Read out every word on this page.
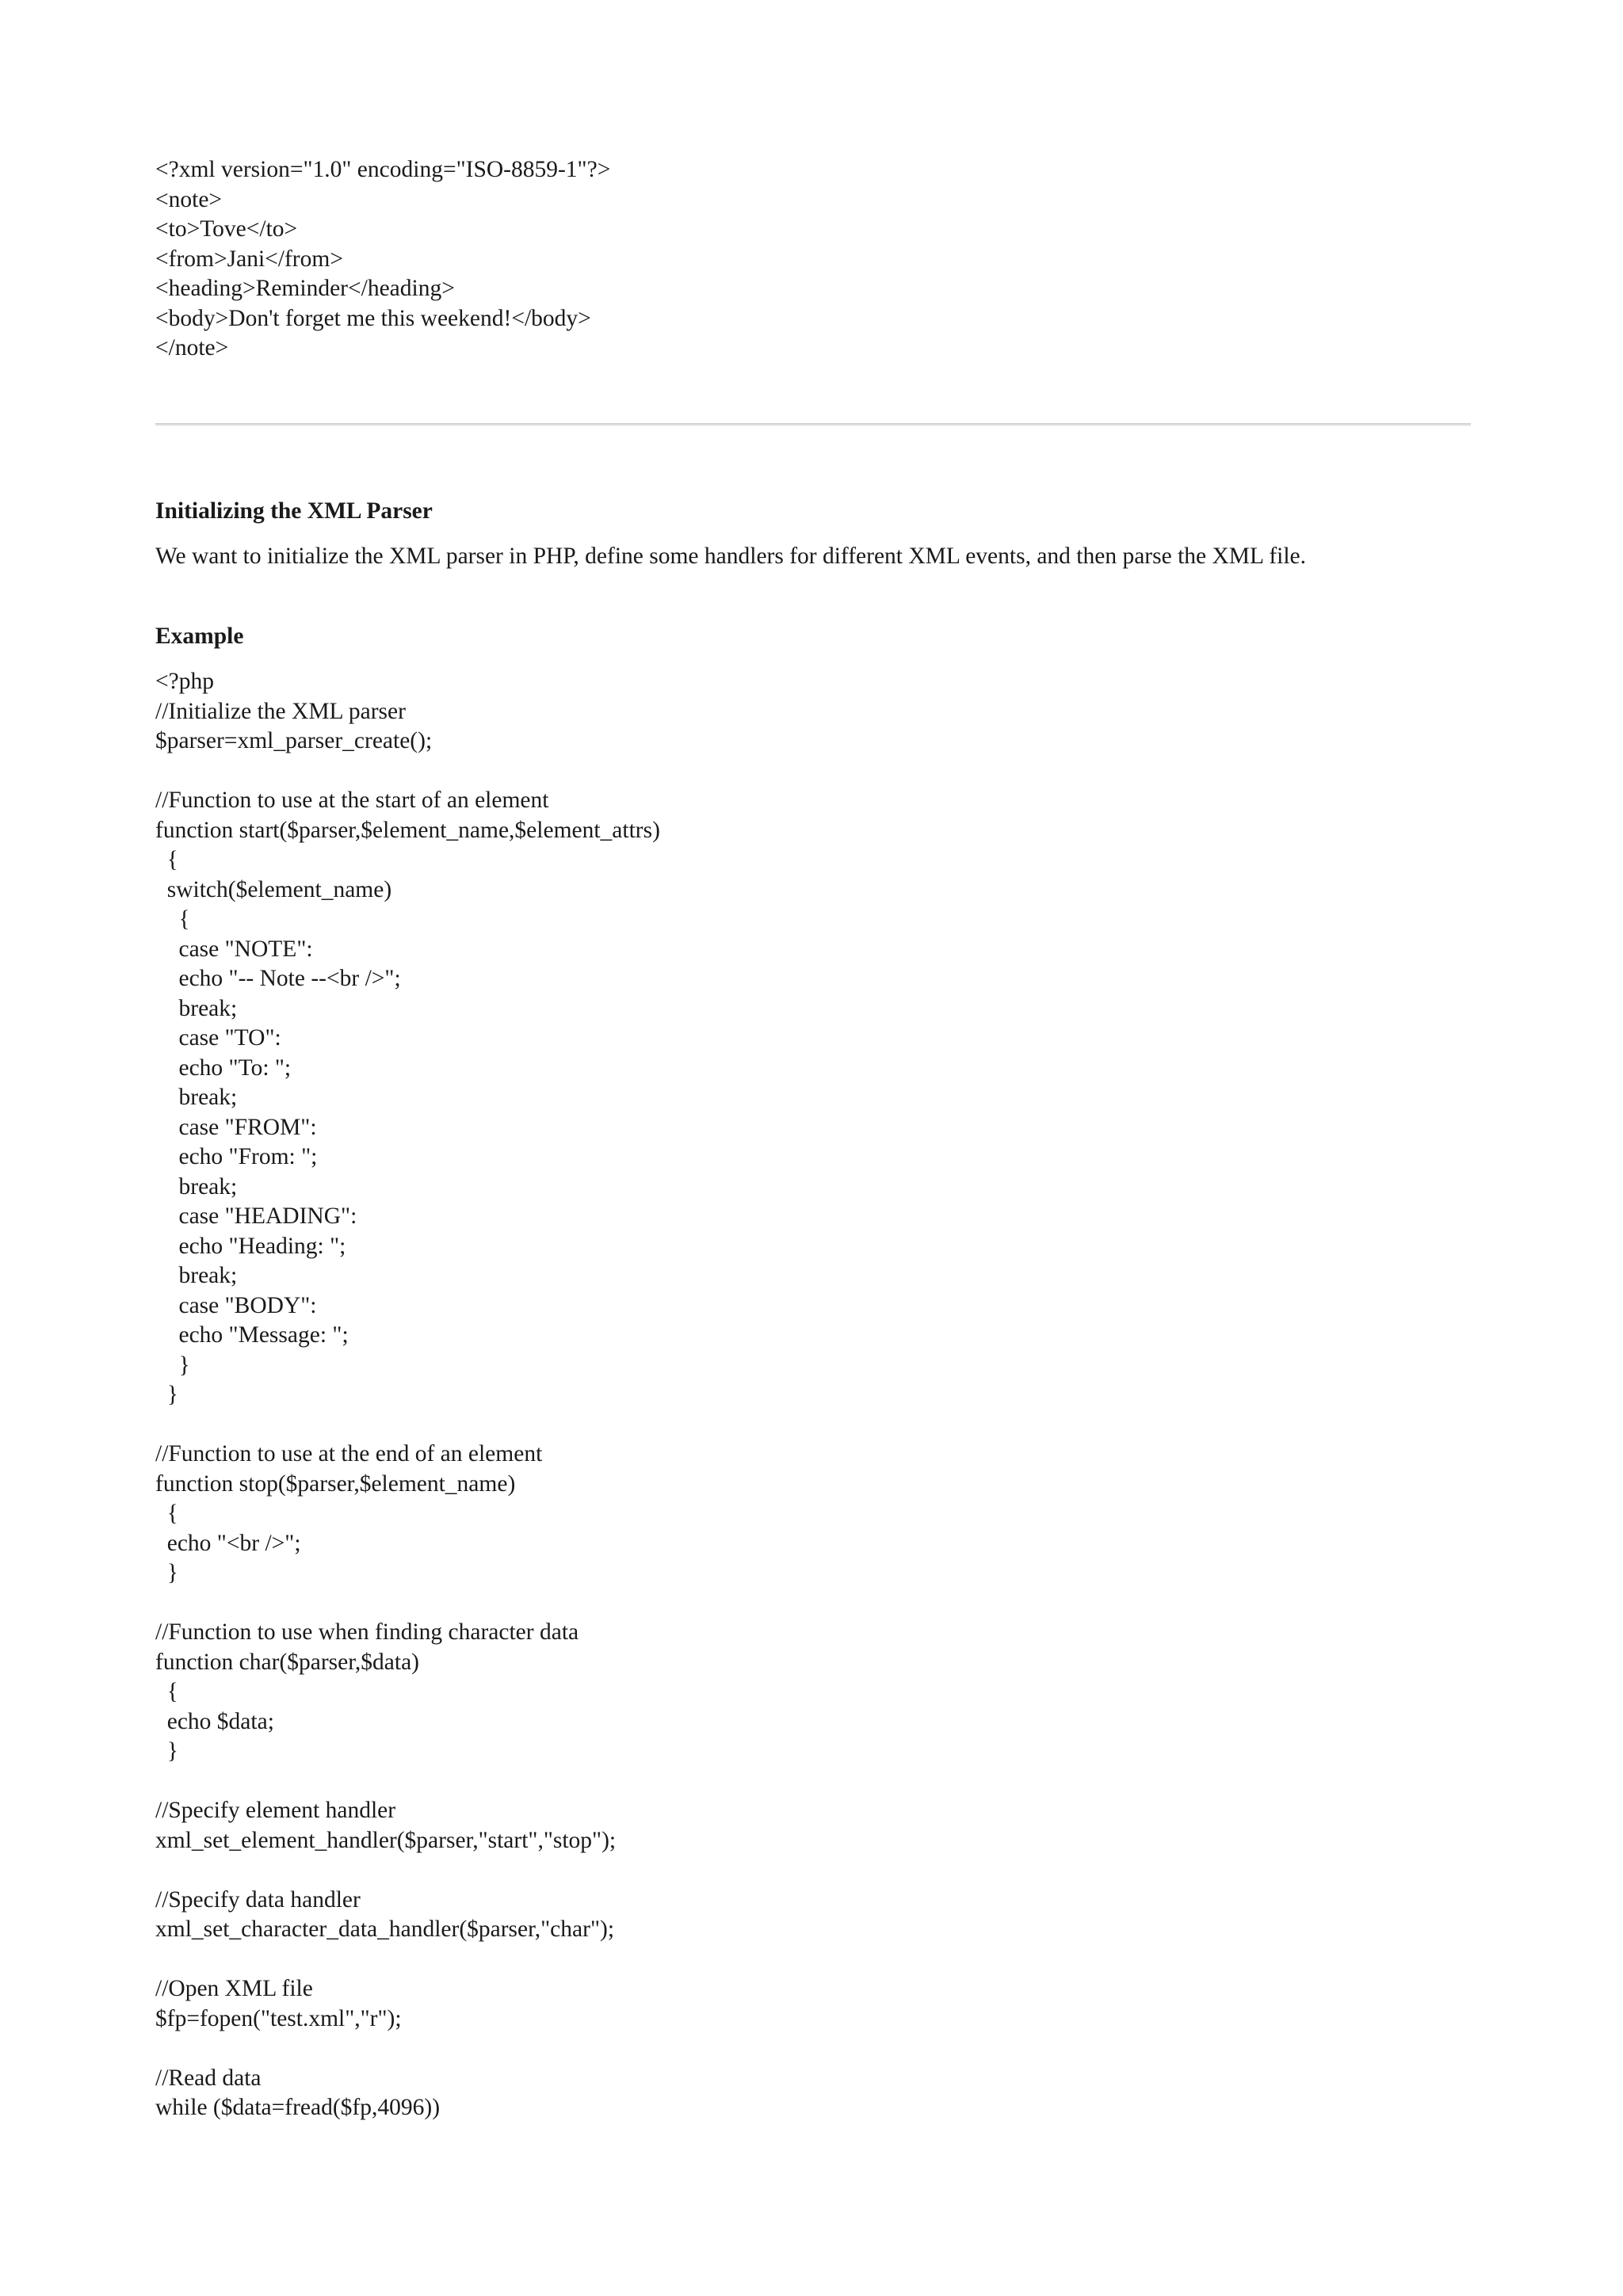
<?xml version="1.0" encoding="ISO-8859-1"?>
<note>
<to>Tove</to>
<from>Jani</from>
<heading>Reminder</heading>
<body>Don't forget me this weekend!</body>
</note>
Initializing the XML Parser

We want to initialize the XML parser in PHP, define some handlers for different XML events, and then parse the XML file.

Example
<?php
//Initialize the XML parser
$parser=xml_parser_create();
//Function to use at the start of an element
function start($parser,$element_name,$element_attrs)
{
switch($element_name)
{
case "NOTE":
echo "-- Note --<br />";
break;
case "TO":
echo "To: ";
break;
case "FROM":
echo "From: ";
break;
case "HEADING":
echo "Heading: ";
break;
case "BODY":
echo "Message: ";
}
}
//Function to use at the end of an element
function stop($parser,$element_name)
{
echo "<br />";
}
//Function to use when finding character data
function char($parser,$data)
{
echo $data;
}
//Specify element handler
xml_set_element_handler($parser,"start","stop");
//Specify data handler
xml_set_character_data_handler($parser,"char");
//Open XML file
$fp=fopen("test.xml","r");
//Read data
while ($data=fread($fp,4096))
